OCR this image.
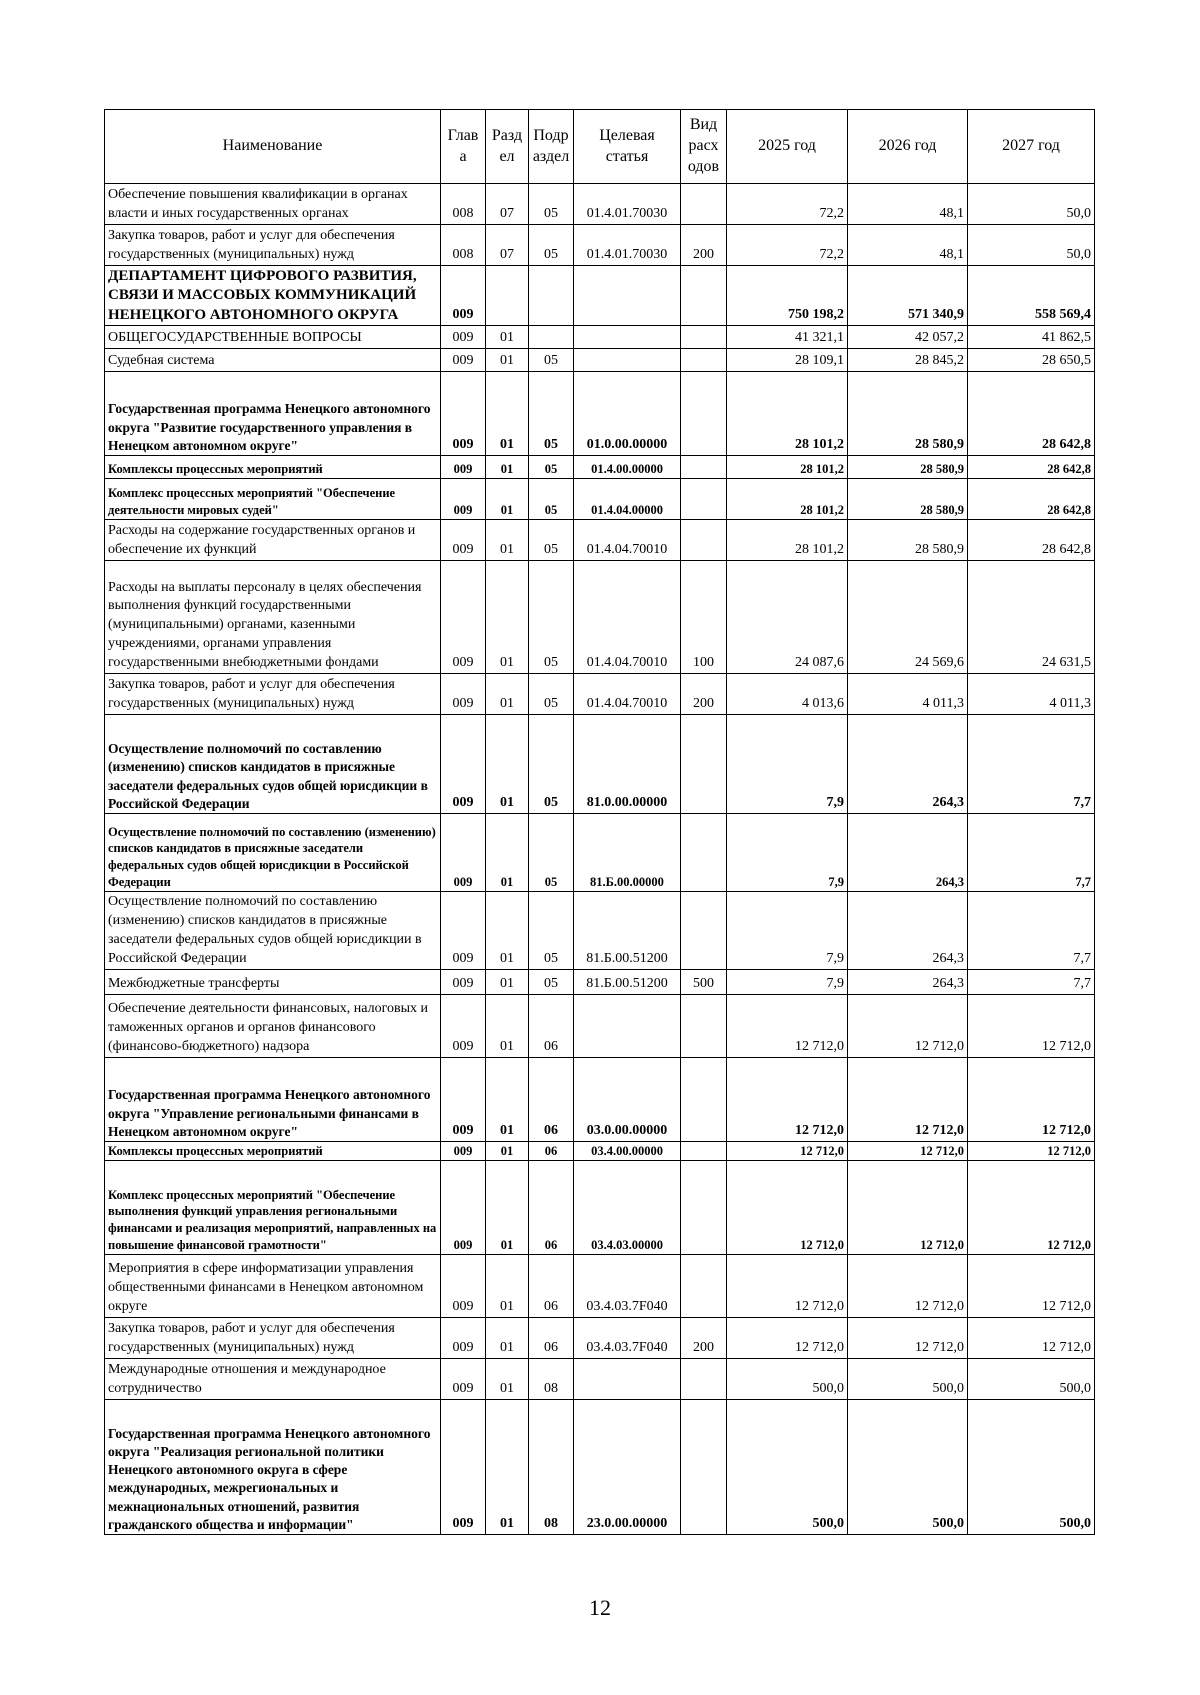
Наименование	Глав а	Разд ел	Подр аздел	Целевая статья	Вид расх одов	2025 год	2026 год	2027 год
Обеспечение повышения квалификации в органах власти и иных государственных органах	008	07	05	01.4.01.70030		72,2	48,1	50,0
Закупка товаров, работ и услуг для обеспечения государственных (муниципальных) нужд	008	07	05	01.4.01.70030	200	72,2	48,1	50,0
ДЕПАРТАМЕНТ ЦИФРОВОГО РАЗВИТИЯ, СВЯЗИ И МАССОВЫХ КОММУНИКАЦИЙ НЕНЕЦКОГО АВТОНОМНОГО ОКРУГА	009					750 198,2	571 340,9	558 569,4
ОБЩЕГОСУДАРСТВЕННЫЕ ВОПРОСЫ	009	01				41 321,1	42 057,2	41 862,5
Судебная система	009	01	05			28 109,1	28 845,2	28 650,5
Государственная программа Ненецкого автономного округа "Развитие государственного управления в Ненецком автономном округе"	009	01	05	01.0.00.00000		28 101,2	28 580,9	28 642,8
Комплексы процессных мероприятий	009	01	05	01.4.00.00000		28 101,2	28 580,9	28 642,8
Комплекс процессных мероприятий "Обеспечение деятельности мировых судей"	009	01	05	01.4.04.00000		28 101,2	28 580,9	28 642,8
Расходы на содержание государственных органов и обеспечение их функций	009	01	05	01.4.04.70010		28 101,2	28 580,9	28 642,8
Расходы на выплаты персоналу в целях обеспечения выполнения функций государственными (муниципальными) органами, казенными учреждениями, органами управления государственными внебюджетными фондами	009	01	05	01.4.04.70010	100	24 087,6	24 569,6	24 631,5
Закупка товаров, работ и услуг для обеспечения государственных (муниципальных) нужд	009	01	05	01.4.04.70010	200	4 013,6	4 011,3	4 011,3
Осуществление полномочий по составлению (изменению) списков кандидатов в присяжные заседатели федеральных судов общей юрисдикции в Российской Федерации	009	01	05	81.0.00.00000		7,9	264,3	7,7
Осуществление полномочий по составлению (изменению) списков кандидатов в присяжные заседатели федеральных судов общей юрисдикции в Российской Федерации	009	01	05	81.Б.00.00000		7,9	264,3	7,7
Осуществление полномочий по составлению (изменению) списков кандидатов в присяжные заседатели федеральных судов общей юрисдикции в Российской Федерации	009	01	05	81.Б.00.51200		7,9	264,3	7,7
Межбюджетные трансферты	009	01	05	81.Б.00.51200	500	7,9	264,3	7,7
Обеспечение деятельности финансовых, налоговых и таможенных органов и органов финансового (финансово-бюджетного) надзора	009	01	06			12 712,0	12 712,0	12 712,0
Государственная программа Ненецкого автономного округа "Управление региональными финансами в Ненецком автономном округе"	009	01	06	03.0.00.00000		12 712,0	12 712,0	12 712,0
Комплексы процессных мероприятий	009	01	06	03.4.00.00000		12 712,0	12 712,0	12 712,0
Комплекс процессных мероприятий "Обеспечение выполнения функций управления региональными финансами и реализация мероприятий, направленных на повышение финансовой грамотности"	009	01	06	03.4.03.00000		12 712,0	12 712,0	12 712,0
Мероприятия в сфере информатизации управления общественными финансами в Ненецком автономном округе	009	01	06	03.4.03.7F040		12 712,0	12 712,0	12 712,0
Закупка товаров, работ и услуг для обеспечения государственных (муниципальных) нужд	009	01	06	03.4.03.7F040	200	12 712,0	12 712,0	12 712,0
Международные отношения и международное сотрудничество	009	01	08			500,0	500,0	500,0
Государственная программа Ненецкого автономного округа "Реализация региональной политики Ненецкого автономного округа в сфере международных, межрегиональных и межнациональных отношений, развития гражданского общества и информации"	009	01	08	23.0.00.00000		500,0	500,0	500,0
12
